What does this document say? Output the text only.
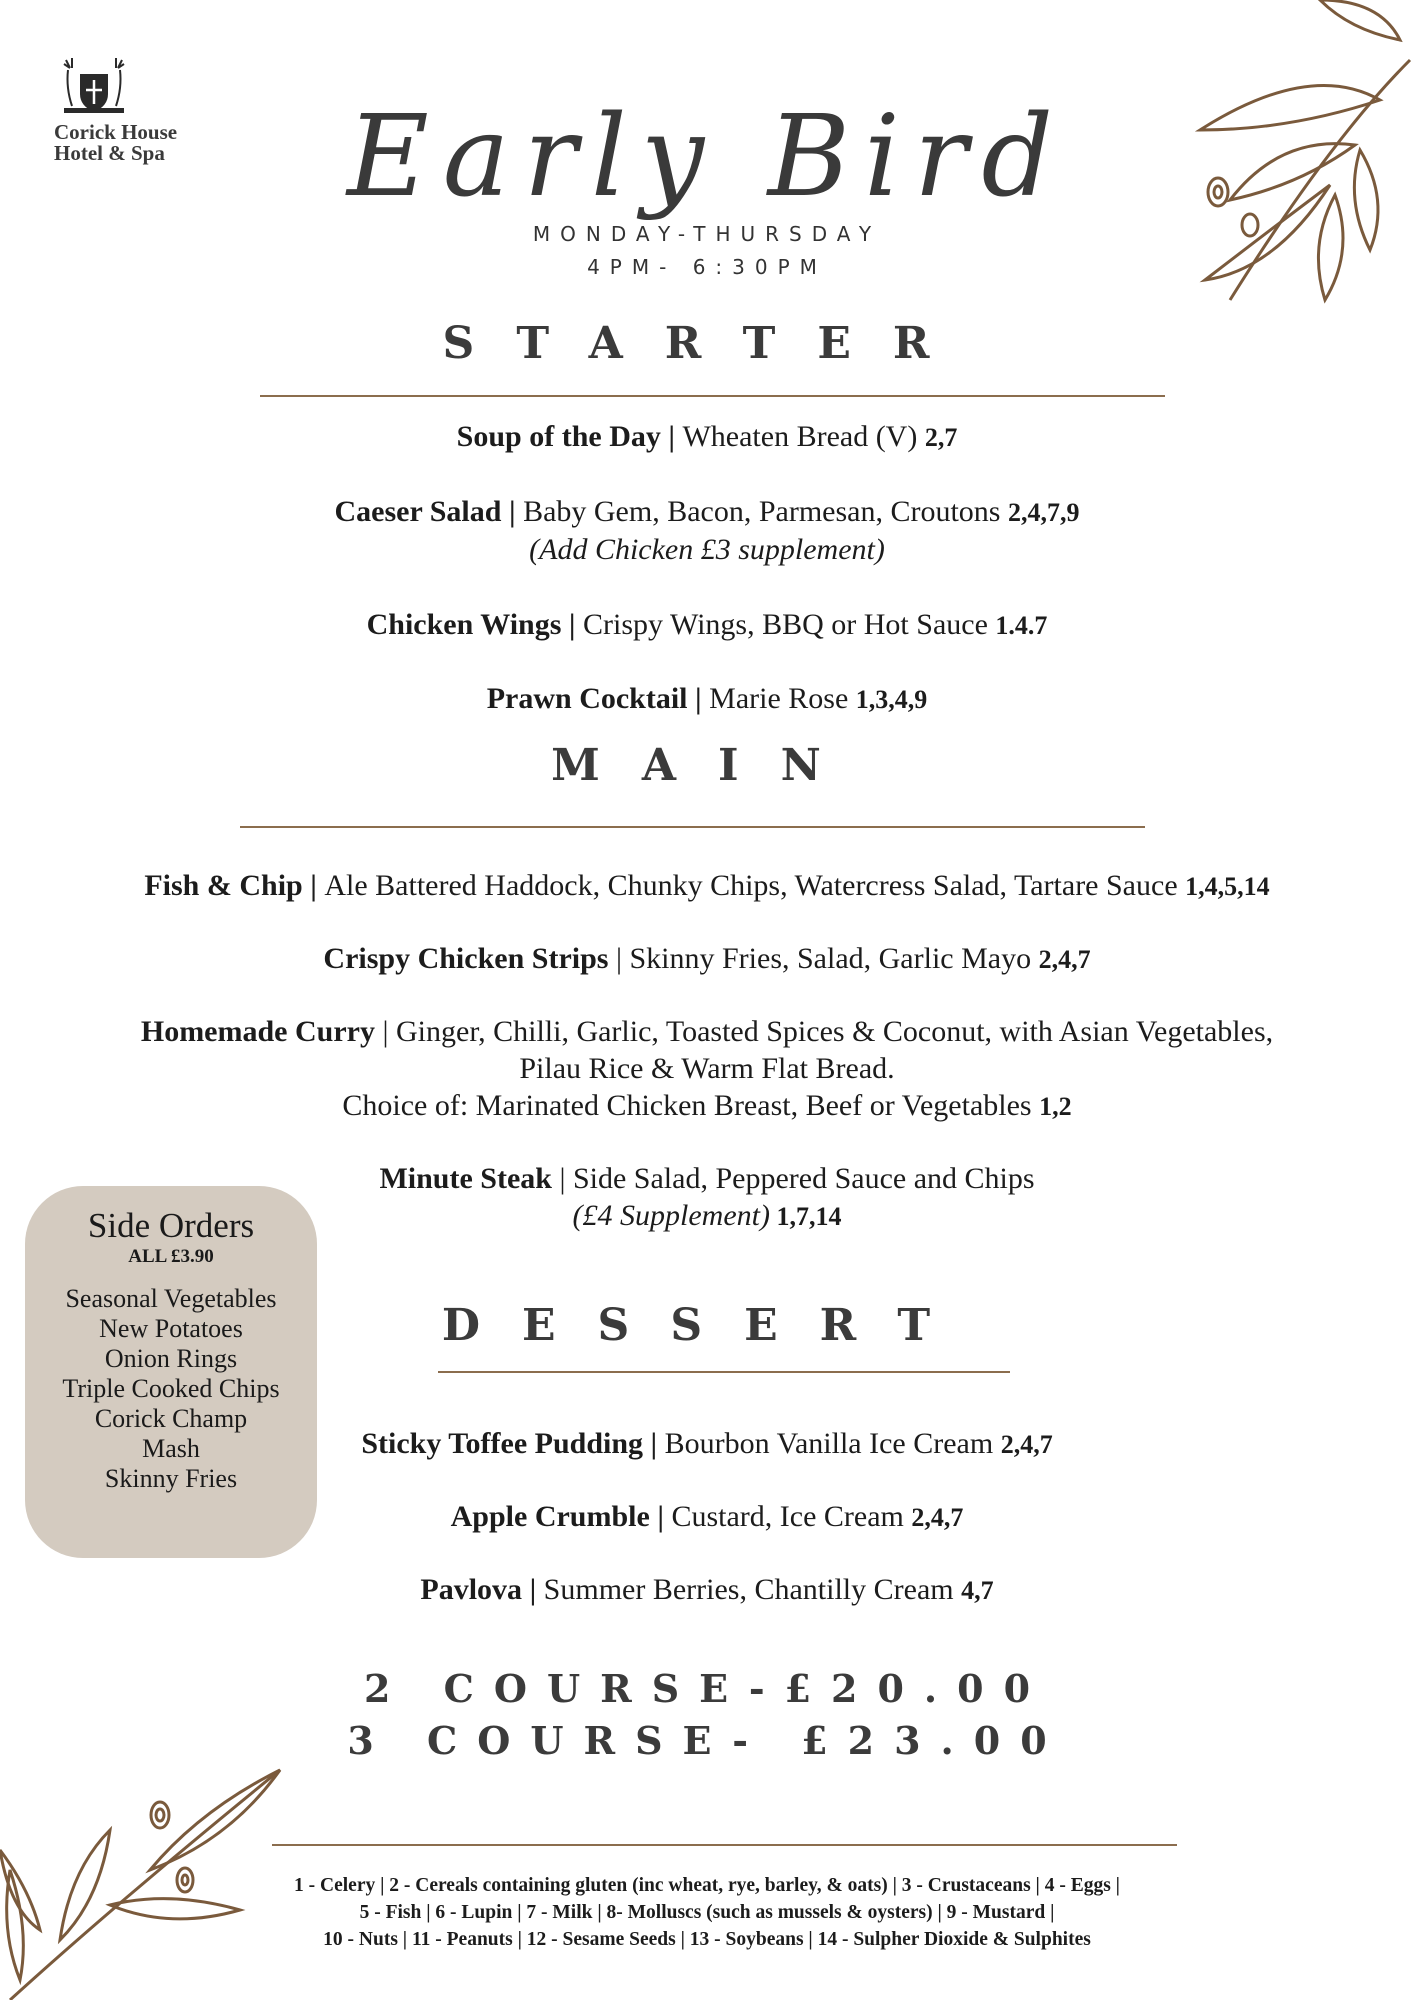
Corick House
Hotel & Spa	Early Bird
MONDAY-THURSDAY
4PM- 6:30PM
STARTER
Soup of the Day | Wheaten Bread (V) 2,7
Caeser Salad | Baby Gem, Bacon, Parmesan, Croutons 2,4,7,9
(Add Chicken £3 supplement)
Chicken Wings | Crispy Wings, BBQ or Hot Sauce 1.4.7
Prawn Cocktail | Marie Rose 1,3,4,9
MAIN
Fish & Chip | Ale Battered Haddock, Chunky Chips, Watercress Salad, Tartare Sauce 1,4,5,14
Crispy Chicken Strips | Skinny Fries, Salad, Garlic Mayo 2,4,7
Homemade Curry | Ginger, Chilli, Garlic, Toasted Spices & Coconut, with Asian Vegetables,
Pilau Rice & Warm Flat Bread.
Choice of: Marinated Chicken Breast, Beef or Vegetables 1,2
Minute Steak | Side Salad, Peppered Sauce and Chips
(£4 Supplement) 1,7,14
Side Orders
ALL £3.90
Seasonal Vegetables
New Potatoes
Onion Rings
Triple Cooked Chips
Corick Champ
Mash
Skinny Fries
DESSERT
Sticky Toffee Pudding | Bourbon Vanilla Ice Cream 2,4,7
Apple Crumble | Custard, Ice Cream 2,4,7
Pavlova | Summer Berries, Chantilly Cream 4,7
2 COURSE-£20.00
3 COURSE- £23.00
1 - Celery | 2 - Cereals containing gluten (inc wheat, rye, barley, & oats) | 3 - Crustaceans | 4 - Eggs |
5 - Fish | 6 - Lupin | 7 - Milk | 8- Molluscs (such as mussels & oysters) | 9 - Mustard |
10 - Nuts | 11 - Peanuts | 12 - Sesame Seeds | 13 - Soybeans | 14 - Sulpher Dioxide & Sulphites
